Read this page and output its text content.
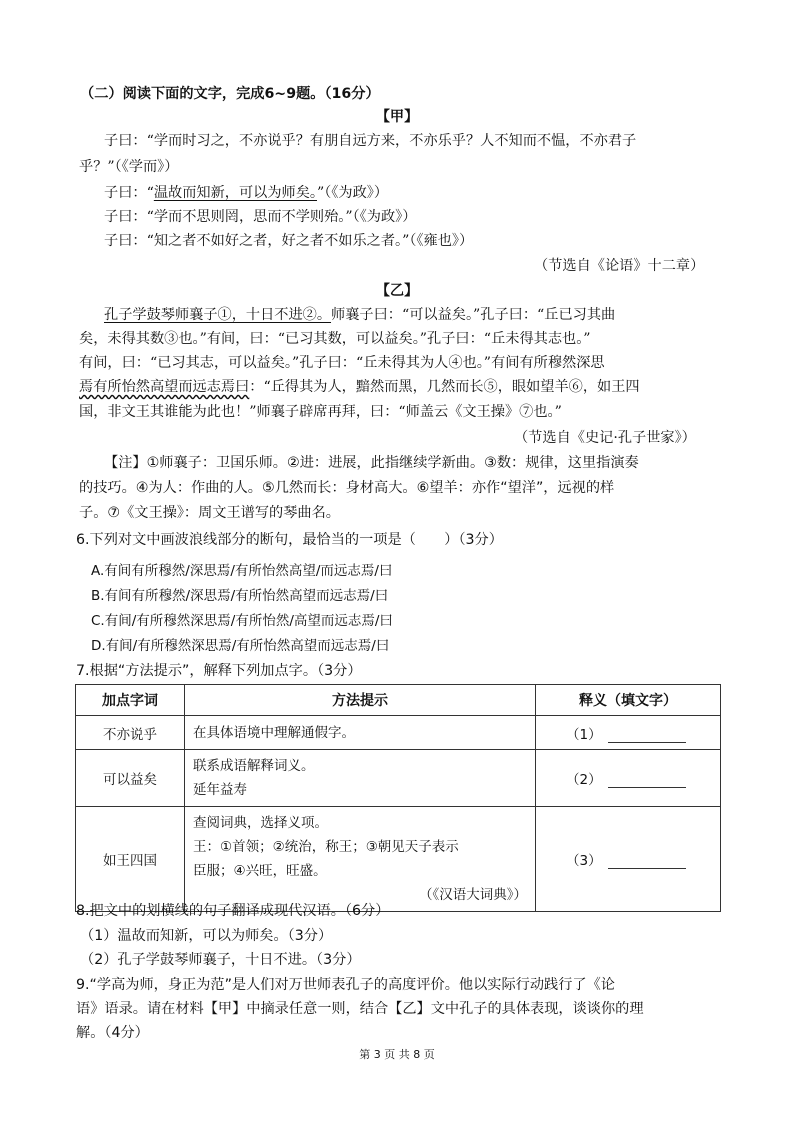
（二）阅读下面的文字，完成6~9题。（16分）
【甲】
子曰：“学而时习之，不亦说乎？有朋自远方来，不亦乐乎？人不知而不愠，不亦君子
乎？”（《学而》）
子曰：“温故而知新，可以为师矣。”（《为政》）
子曰：“学而不思则罔，思而不学则殆。”（《为政》）
子曰：“知之者不如好之者，好之者不如乐之者。”（《雍也》）
（节选自《论语》十二章）
【乙】
孔子学鼓琴师襄子①，十日不进②。师襄子曰：“可以益矣。”孔子曰：“丘已习其曲
矣，未得其数③也。”有间，曰：“已习其数，可以益矣。”孔子曰：“丘未得其志也。”
有间，曰：“已习其志，可以益矣。”孔子曰：“丘未得其为人④也。”有间有所穆然深思
焉有所怡然高望而远志焉曰：“丘得其为人，黯然而黑，几然而长⑤，眼如望羊⑥，如王四
国，非文王其谁能为此也！”师襄子辟席再拜，曰：“师盖云《文王操》⑦也。”
（节选自《史记·孔子世家》）
【注】①师襄子：卫国乐师。②进：进展，此指继续学新曲。③数：规律，这里指演奏
的技巧。④为人：作曲的人。⑤几然而长：身材高大。⑥望羊：亦作“望洋”，远视的样
子。⑦《文王操》：周文王谱写的琴曲名。
6.下列对文中画波浪线部分的断句，最恰当的一项是（　　）（3分）
A.有间有所穆然/深思焉/有所怡然高望/而远志焉/曰
B.有间有所穆然/深思焉/有所怡然高望而远志焉/曰
C.有间/有所穆然深思焉/有所怡然/高望而远志焉/曰
D.有间/有所穆然深思焉/有所怡然高望而远志焉/曰
7.根据“方法提示”，解释下列加点字。（3分）
加点字词	方法提示	释义（填文字）
不亦说乎	在具体语境中理解通假字。	（1）
可以益矣	联系成语解释词义。
延年益寿	（2）
如王四国	查阅词典，选择义项。
王：①首领；②统治，称王；③朝见天子表示
臣服；④兴旺，旺盛。
（《汉语大词典》）	（3）
8.把文中的划横线的句子翻译成现代汉语。（6分）
（1）温故而知新，可以为师矣。（3分）
（2）孔子学鼓琴师襄子，十日不进。（3分）
9.“学高为师，身正为范”是人们对万世师表孔子的高度评价。他以实际行动践行了《论
语》语录。请在材料【甲】中摘录任意一则，结合【乙】文中孔子的具体表现，谈谈你的理
解。（4分）
第 3 页 共 8 页
